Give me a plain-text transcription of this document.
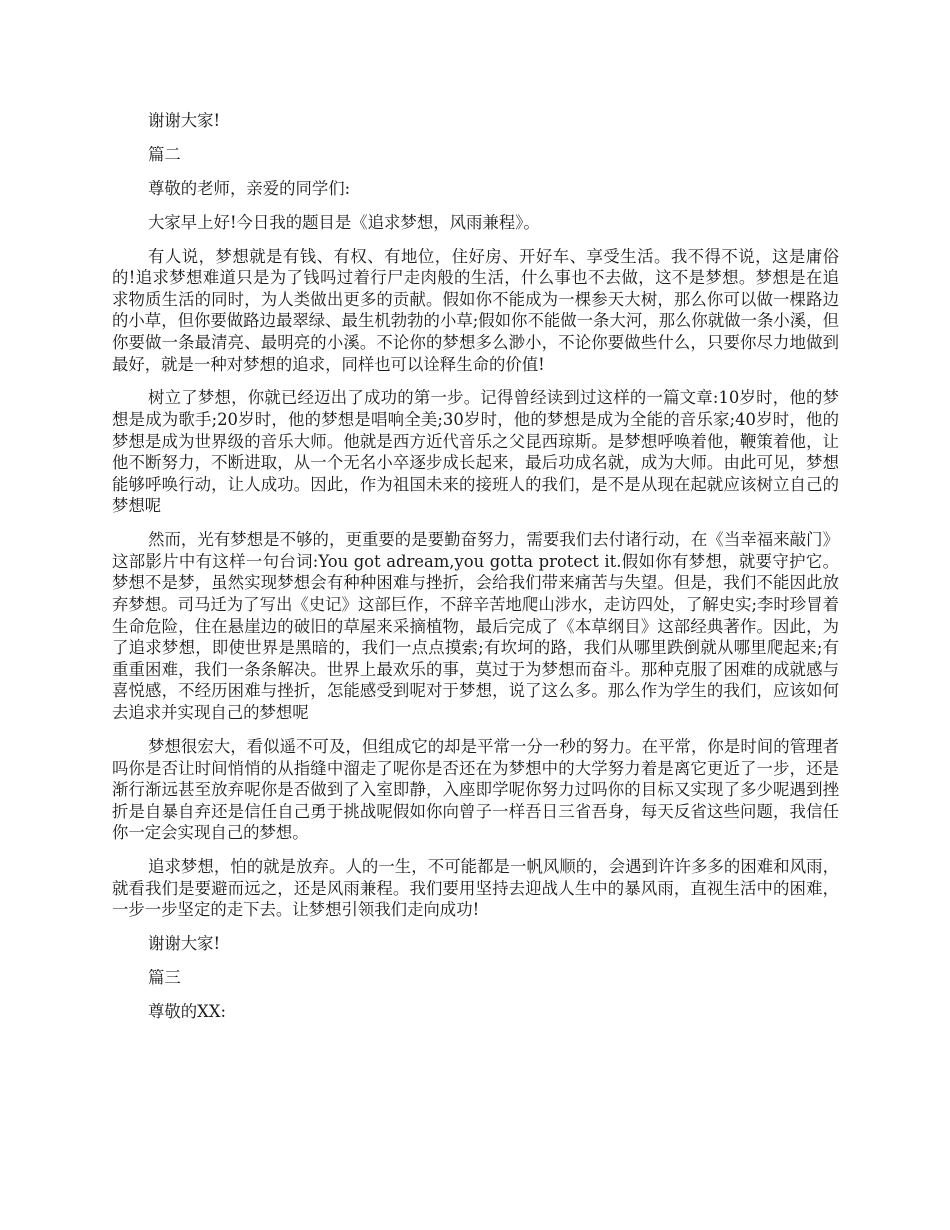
谢谢大家!

篇二

尊敬的老师，亲爱的同学们:

大家早上好!今日我的题目是《追求梦想，风雨兼程》。

有人说，梦想就是有钱、有权、有地位，住好房、开好车、享受生活。我不得不说，这是庸俗的!追求梦想难道只是为了钱吗过着行尸走肉般的生活，什么事也不去做，这不是梦想。梦想是在追求物质生活的同时，为人类做出更多的贡献。假如你不能成为一棵参天大树，那么你可以做一棵路边的小草，但你要做路边最翠绿、最生机勃勃的小草;假如你不能做一条大河，那么你就做一条小溪，但你要做一条最清亮、最明亮的小溪。不论你的梦想多么渺小，不论你要做些什么，只要你尽力地做到最好，就是一种对梦想的追求，同样也可以诠释生命的价值!

树立了梦想，你就已经迈出了成功的第一步。记得曾经读到过这样的一篇文章:10岁时，他的梦想是成为歌手;20岁时，他的梦想是唱响全美;30岁时，他的梦想是成为全能的音乐家;40岁时，他的梦想是成为世界级的音乐大师。他就是西方近代音乐之父昆西琼斯。是梦想呼唤着他，鞭策着他，让他不断努力，不断进取，从一个无名小卒逐步成长起来，最后功成名就，成为大师。由此可见，梦想能够呼唤行动，让人成功。因此，作为祖国未来的接班人的我们，是不是从现在起就应该树立自己的梦想呢

然而，光有梦想是不够的，更重要的是要勤奋努力，需要我们去付诸行动，在《当幸福来敲门》这部影片中有这样一句台词:You got adream,you gotta protect it.假如你有梦想，就要守护它。梦想不是梦，虽然实现梦想会有种种困难与挫折，会给我们带来痛苦与失望。但是，我们不能因此放弃梦想。司马迁为了写出《史记》这部巨作，不辞辛苦地爬山涉水，走访四处，了解史实;李时珍冒着生命危险，住在悬崖边的破旧的草屋来采摘植物，最后完成了《本草纲目》这部经典著作。因此，为了追求梦想，即使世界是黑暗的，我们一点点摸索;有坎坷的路，我们从哪里跌倒就从哪里爬起来;有重重困难，我们一条条解决。世界上最欢乐的事，莫过于为梦想而奋斗。那种克服了困难的成就感与喜悦感，不经历困难与挫折，怎能感受到呢对于梦想，说了这么多。那么作为学生的我们，应该如何去追求并实现自己的梦想呢

梦想很宏大，看似遥不可及，但组成它的却是平常一分一秒的努力。在平常，你是时间的管理者吗你是否让时间悄悄的从指缝中溜走了呢你是否还在为梦想中的大学努力着是离它更近了一步，还是渐行渐远甚至放弃呢你是否做到了入室即静，入座即学呢你努力过吗你的目标又实现了多少呢遇到挫折是自暴自弃还是信任自己勇于挑战呢假如你向曾子一样吾日三省吾身，每天反省这些问题，我信任你一定会实现自己的梦想。

追求梦想，怕的就是放弃。人的一生，不可能都是一帆风顺的，会遇到许许多多的困难和风雨，就看我们是要避而远之，还是风雨兼程。我们要用坚持去迎战人生中的暴风雨，直视生活中的困难，一步一步坚定的走下去。让梦想引领我们走向成功!

谢谢大家!

篇三

尊敬的XX:
